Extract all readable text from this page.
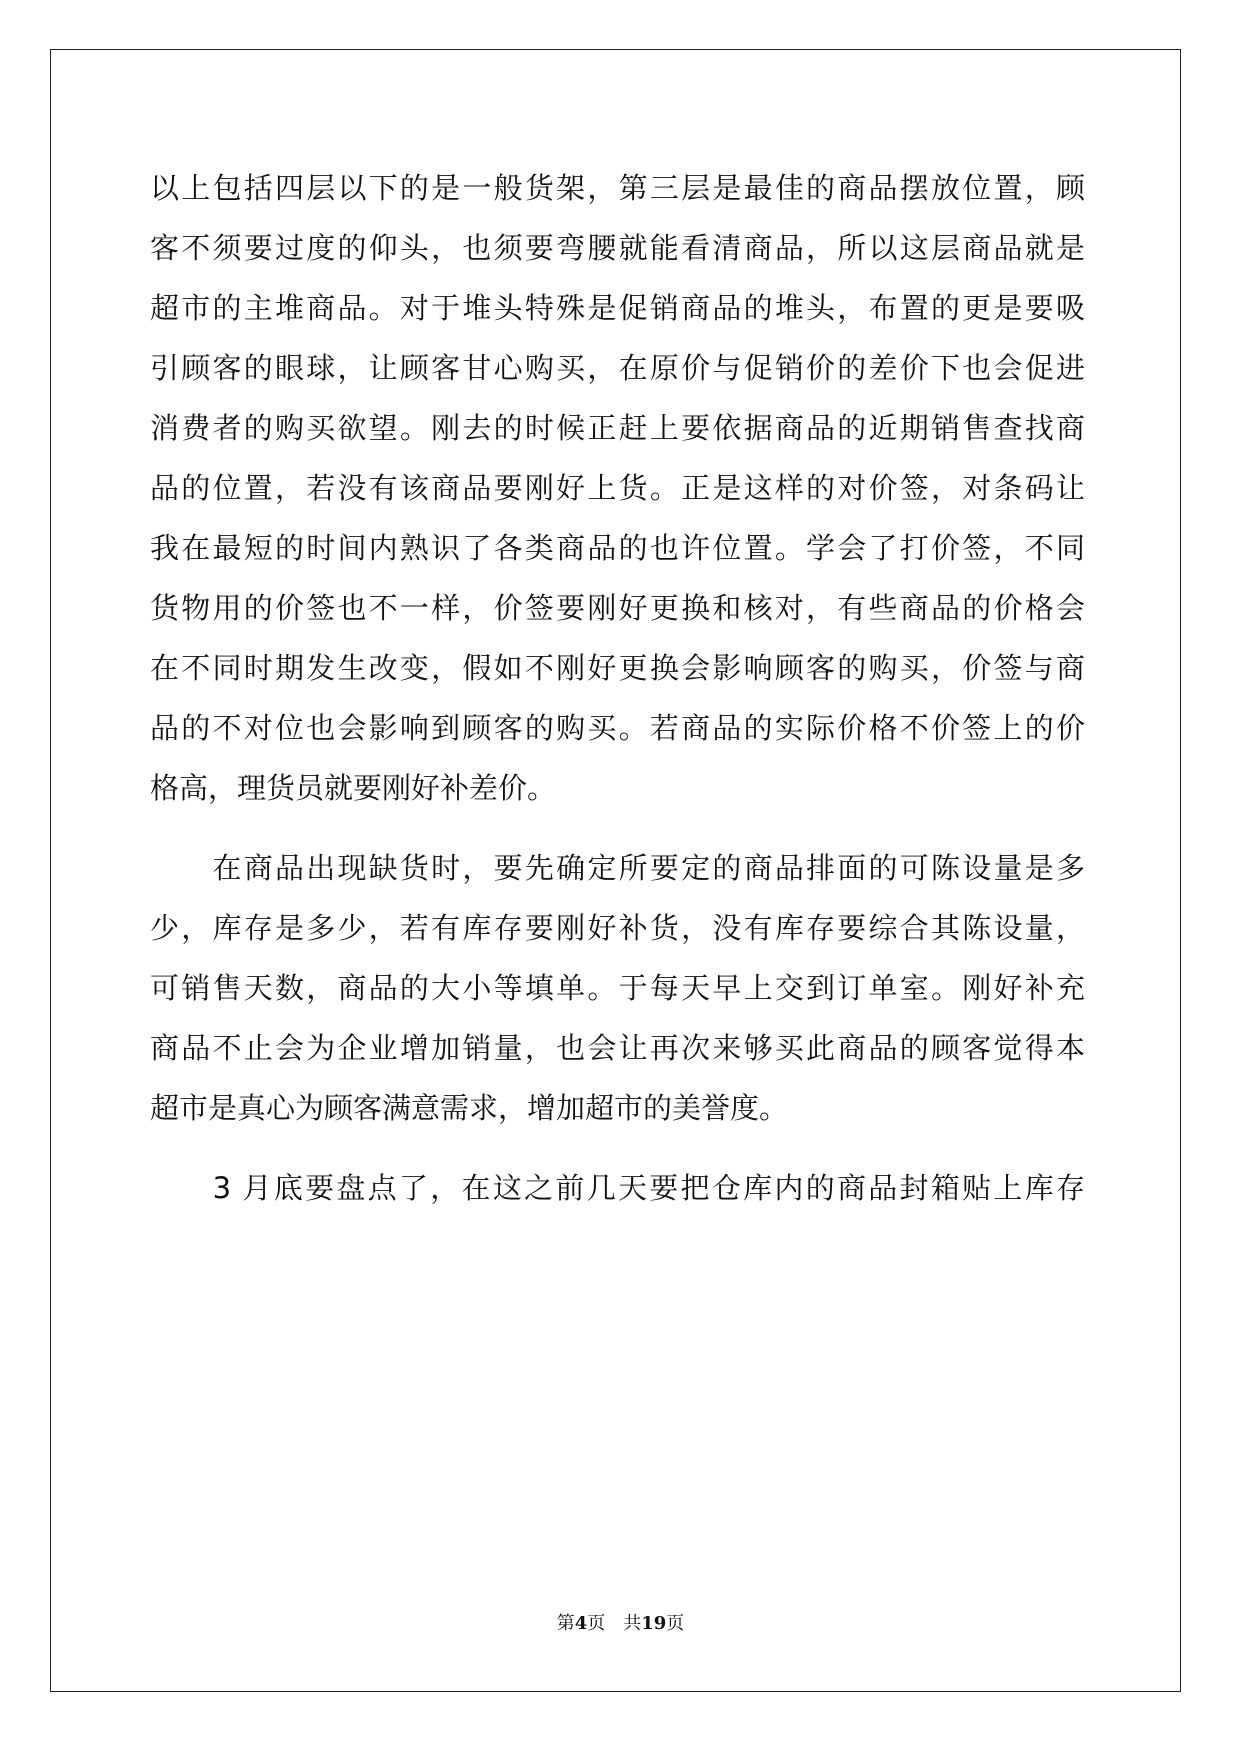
以上包括四层以下的是一般货架，第三层是最佳的商品摆放位置，顾
客不须要过度的仰头，也须要弯腰就能看清商品，所以这层商品就是
超市的主堆商品。对于堆头特殊是促销商品的堆头，布置的更是要吸
引顾客的眼球，让顾客甘心购买，在原价与促销价的差价下也会促进
消费者的购买欲望。刚去的时候正赶上要依据商品的近期销售查找商
品的位置，若没有该商品要刚好上货。正是这样的对价签，对条码让
我在最短的时间内熟识了各类商品的也许位置。学会了打价签，不同
货物用的价签也不一样，价签要刚好更换和核对，有些商品的价格会
在不同时期发生改变，假如不刚好更换会影响顾客的购买，价签与商
品的不对位也会影响到顾客的购买。若商品的实际价格不价签上的价
格高，理货员就要刚好补差价。
　　在商品出现缺货时，要先确定所要定的商品排面的可陈设量是多
少，库存是多少，若有库存要刚好补货，没有库存要综合其陈设量，
可销售天数，商品的大小等填单。于每天早上交到订单室。刚好补充
商品不止会为企业增加销量，也会让再次来够买此商品的顾客觉得本
超市是真心为顾客满意需求，增加超市的美誉度。
　　3 月底要盘点了，在这之前几天要把仓库内的商品封箱贴上库存
第4页 共19页
